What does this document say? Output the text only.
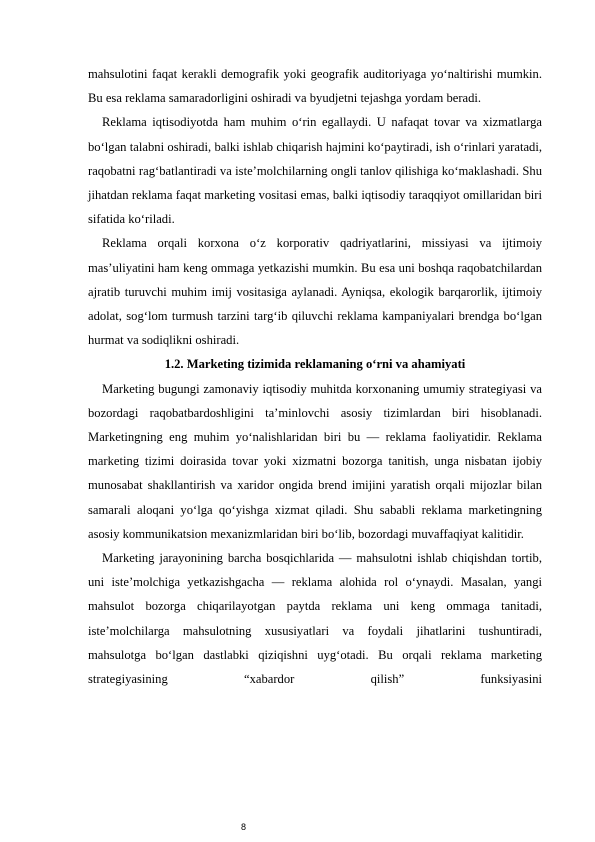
mahsulotini faqat kerakli demografik yoki geografik auditoriyaga yo‘naltirishi mumkin. Bu esa reklama samaradorligini oshiradi va byudjetni tejashga yordam beradi.

Reklama iqtisodiyotda ham muhim o‘rin egallaydi. U nafaqat tovar va xizmatlarga bo‘lgan talabni oshiradi, balki ishlab chiqarish hajmini ko‘paytiradi, ish o‘rinlari yaratadi, raqobatni rag‘batlantiradi va iste’molchilarning ongli tanlov qilishiga ko‘maklashadi. Shu jihatdan reklama faqat marketing vositasi emas, balki iqtisodiy taraqqiyot omillaridan biri sifatida ko‘riladi.

Reklama orqali korxona o‘z korporativ qadriyatlarini, missiyasi va ijtimoiy mas’uliyatini ham keng ommaga yetkazishi mumkin. Bu esa uni boshqa raqobatchilardan ajratib turuvchi muhim imij vositasiga aylanadi. Ayniqsa, ekologik barqarorlik, ijtimoiy adolat, sog‘lom turmush tarzini targ‘ib qiluvchi reklama kampaniyalari brendga bo‘lgan hurmat va sodiqlikni oshiradi.

1.2. Marketing tizimida reklamaning o‘rni va ahamiyati

Marketing bugungi zamonaviy iqtisodiy muhitda korxonaning umumiy strategiyasi va bozordagi raqobatbardoshligini ta’minlovchi asosiy tizimlardan biri hisoblanadi. Marketingning eng muhim yo‘nalishlaridan biri bu — reklama faoliyatidir. Reklama marketing tizimi doirasida tovar yoki xizmatni bozorga tanitish, unga nisbatan ijobiy munosabat shakllantirish va xaridor ongida brend imijini yaratish orqali mijozlar bilan samarali aloqani yo‘lga qo‘yishga xizmat qiladi. Shu sababli reklama marketingning asosiy kommunikatsion mexanizmlaridan biri bo‘lib, bozordagi muvaffaqiyat kalitidir.

Marketing jarayonining barcha bosqichlarida — mahsulotni ishlab chiqishdan tortib, uni iste’molchiga yetkazishgacha — reklama alohida rol o‘ynaydi. Masalan, yangi mahsulot bozorga chiqarilayotgan paytda reklama uni keng ommaga tanitadi, iste’molchilarga mahsulotning xususiyatlari va foydali jihatlarini tushuntiradi, mahsulotga bo‘lgan dastlabki qiziqishni uyg‘otadi. Bu orqali reklama marketing strategiyasining “xabardor qilish” funksiyasini

8
